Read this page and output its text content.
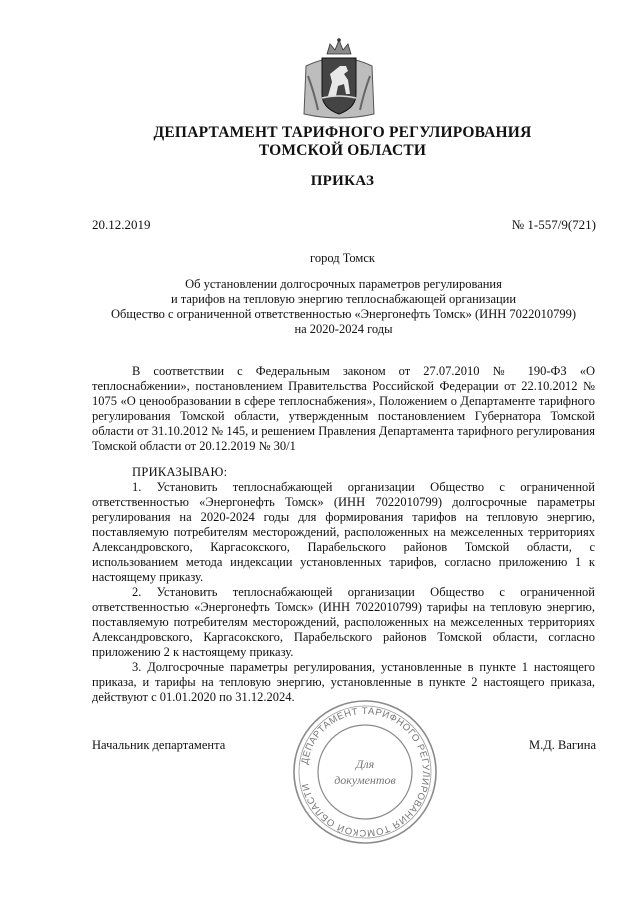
ДЕПАРТАМЕНТ ТАРИФНОГО РЕГУЛИРОВАНИЯ
ТОМСКОЙ ОБЛАСТИ
ПРИКАЗ
20.12.2019	№ 1-557/9(721)
город Томск
Об установлении долгосрочных параметров регулирования
и тарифов на тепловую энергию теплоснабжающей организации
Общество с ограниченной ответственностью «Энергонефть Томск» (ИНН 7022010799)
на 2020-2024 годы

В соответствии с Федеральным законом от 27.07.2010 № 190-ФЗ «О теплоснабжении», постановлением Правительства Российской Федерации от 22.10.2012 № 1075 «О ценообразовании в сфере теплоснабжения», Положением о Департаменте тарифного регулирования Томской области, утвержденным постановлением Губернатора Томской области от 31.10.2012 № 145, и решением Правления Департамента тарифного регулирования Томской области от 20.12.2019 № 30/1

ПРИКАЗЫВАЮ:

1. Установить теплоснабжающей организации Общество с ограниченной ответственностью «Энергонефть Томск» (ИНН 7022010799) долгосрочные параметры регулирования на 2020-2024 годы для формирования тарифов на тепловую энергию, поставляемую потребителям месторождений, расположенных на межселенных территориях Александровского, Каргасокского, Парабельского районов Томской области, с использованием метода индексации установленных тарифов, согласно приложению 1 к настоящему приказу.

2. Установить теплоснабжающей организации Общество с ограниченной ответственностью «Энергонефть Томск» (ИНН 7022010799) тарифы на тепловую энергию, поставляемую потребителям месторождений, расположенных на межселенных территориях Александровского, Каргасокского, Парабельского районов Томской области, согласно приложению 2 к настоящему приказу.

3. Долгосрочные параметры регулирования, установленные в пункте 1 настоящего приказа, и тарифы на тепловую энергию, установленные в пункте 2 настоящего приказа, действуют с 01.01.2020 по 31.12.2024.

Начальник департамента	М.Д. Вагина
ДЕПАРТАМЕНТ ТАРИФНОГО РЕГУЛИРОВАНИЯ ТОМСКОЙ ОБЛАСТИ
Для
документов
